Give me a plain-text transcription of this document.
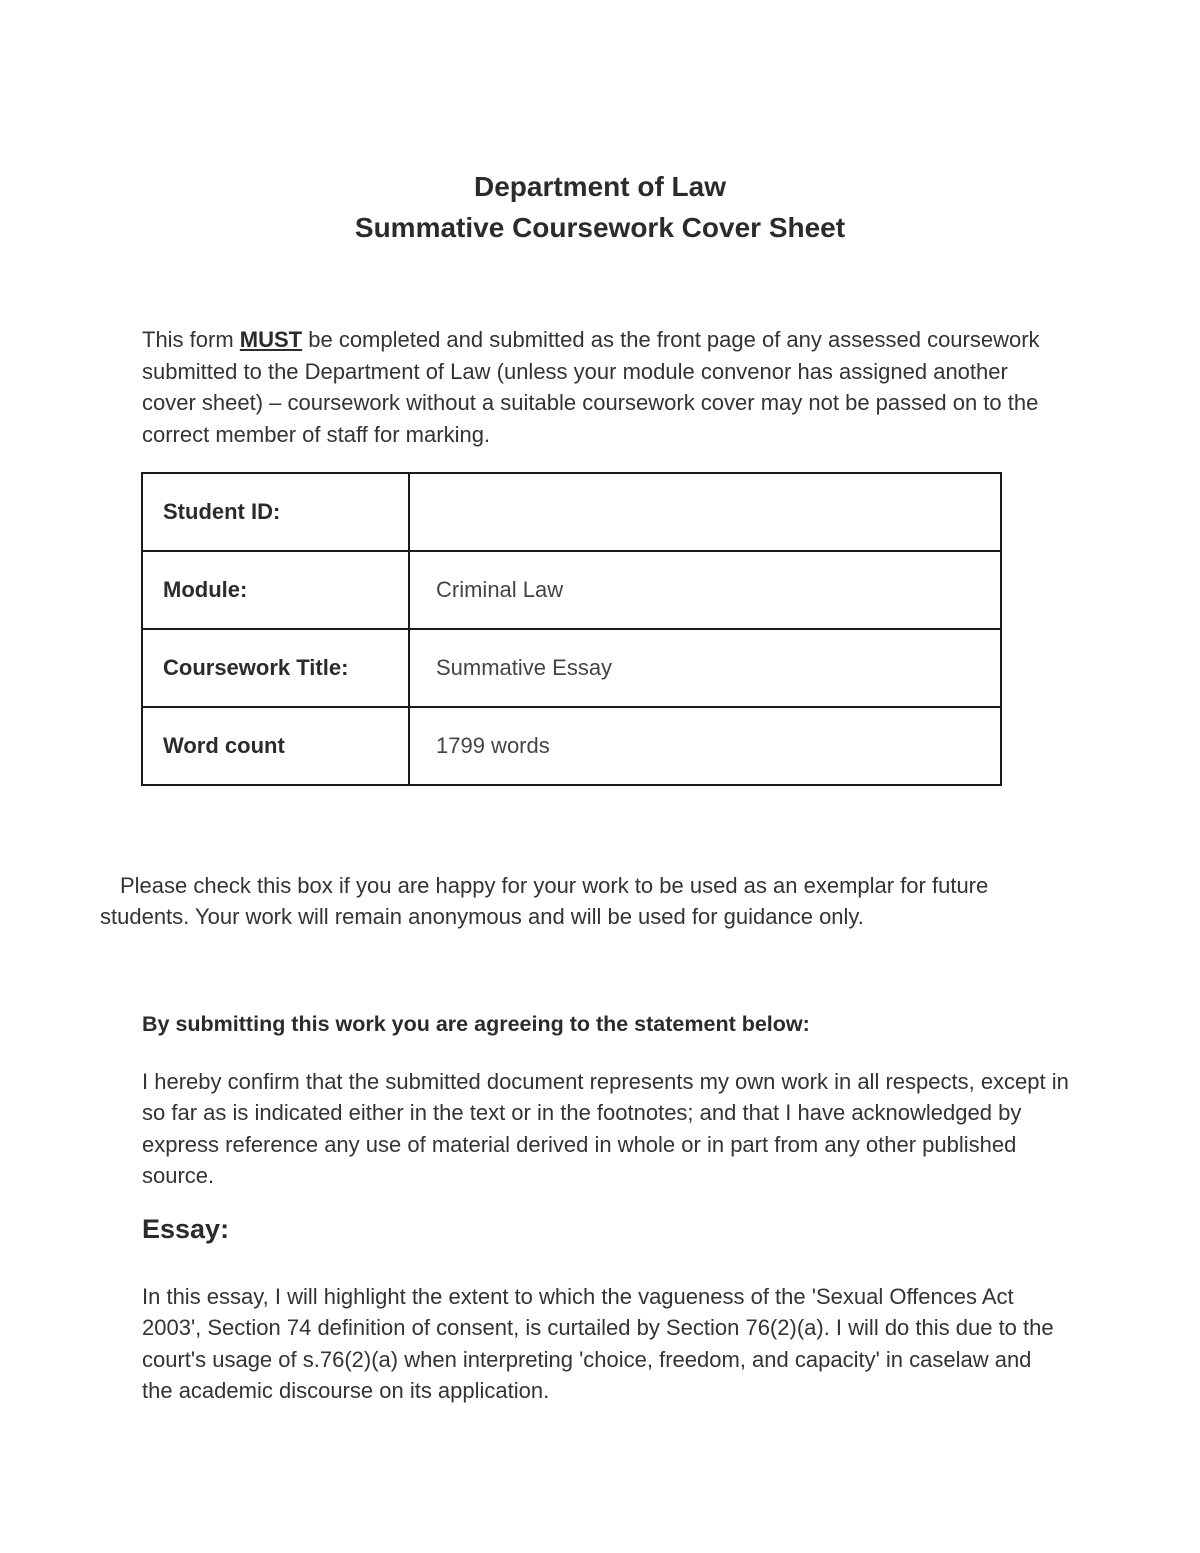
Department of Law
Summative Coursework Cover Sheet
This form MUST be completed and submitted as the front page of any assessed coursework submitted to the Department of Law (unless your module convenor has assigned another cover sheet) – coursework without a suitable coursework cover may not be passed on to the correct member of staff for marking.
Student ID:	
Module:	Criminal Law
Coursework Title:	Summative Essay
Word count	1799 words
Please check this box if you are happy for your work to be used as an exemplar for future students. Your work will remain anonymous and will be used for guidance only.
By submitting this work you are agreeing to the statement below:
I hereby confirm that the submitted document represents my own work in all respects, except in so far as is indicated either in the text or in the footnotes; and that I have acknowledged by express reference any use of material derived in whole or in part from any other published source.
Essay:
In this essay, I will highlight the extent to which the vagueness of the 'Sexual Offences Act 2003', Section 74 definition of consent, is curtailed by Section 76(2)(a). I will do this due to the court's usage of s.76(2)(a) when interpreting 'choice, freedom, and capacity' in caselaw and the academic discourse on its application.
